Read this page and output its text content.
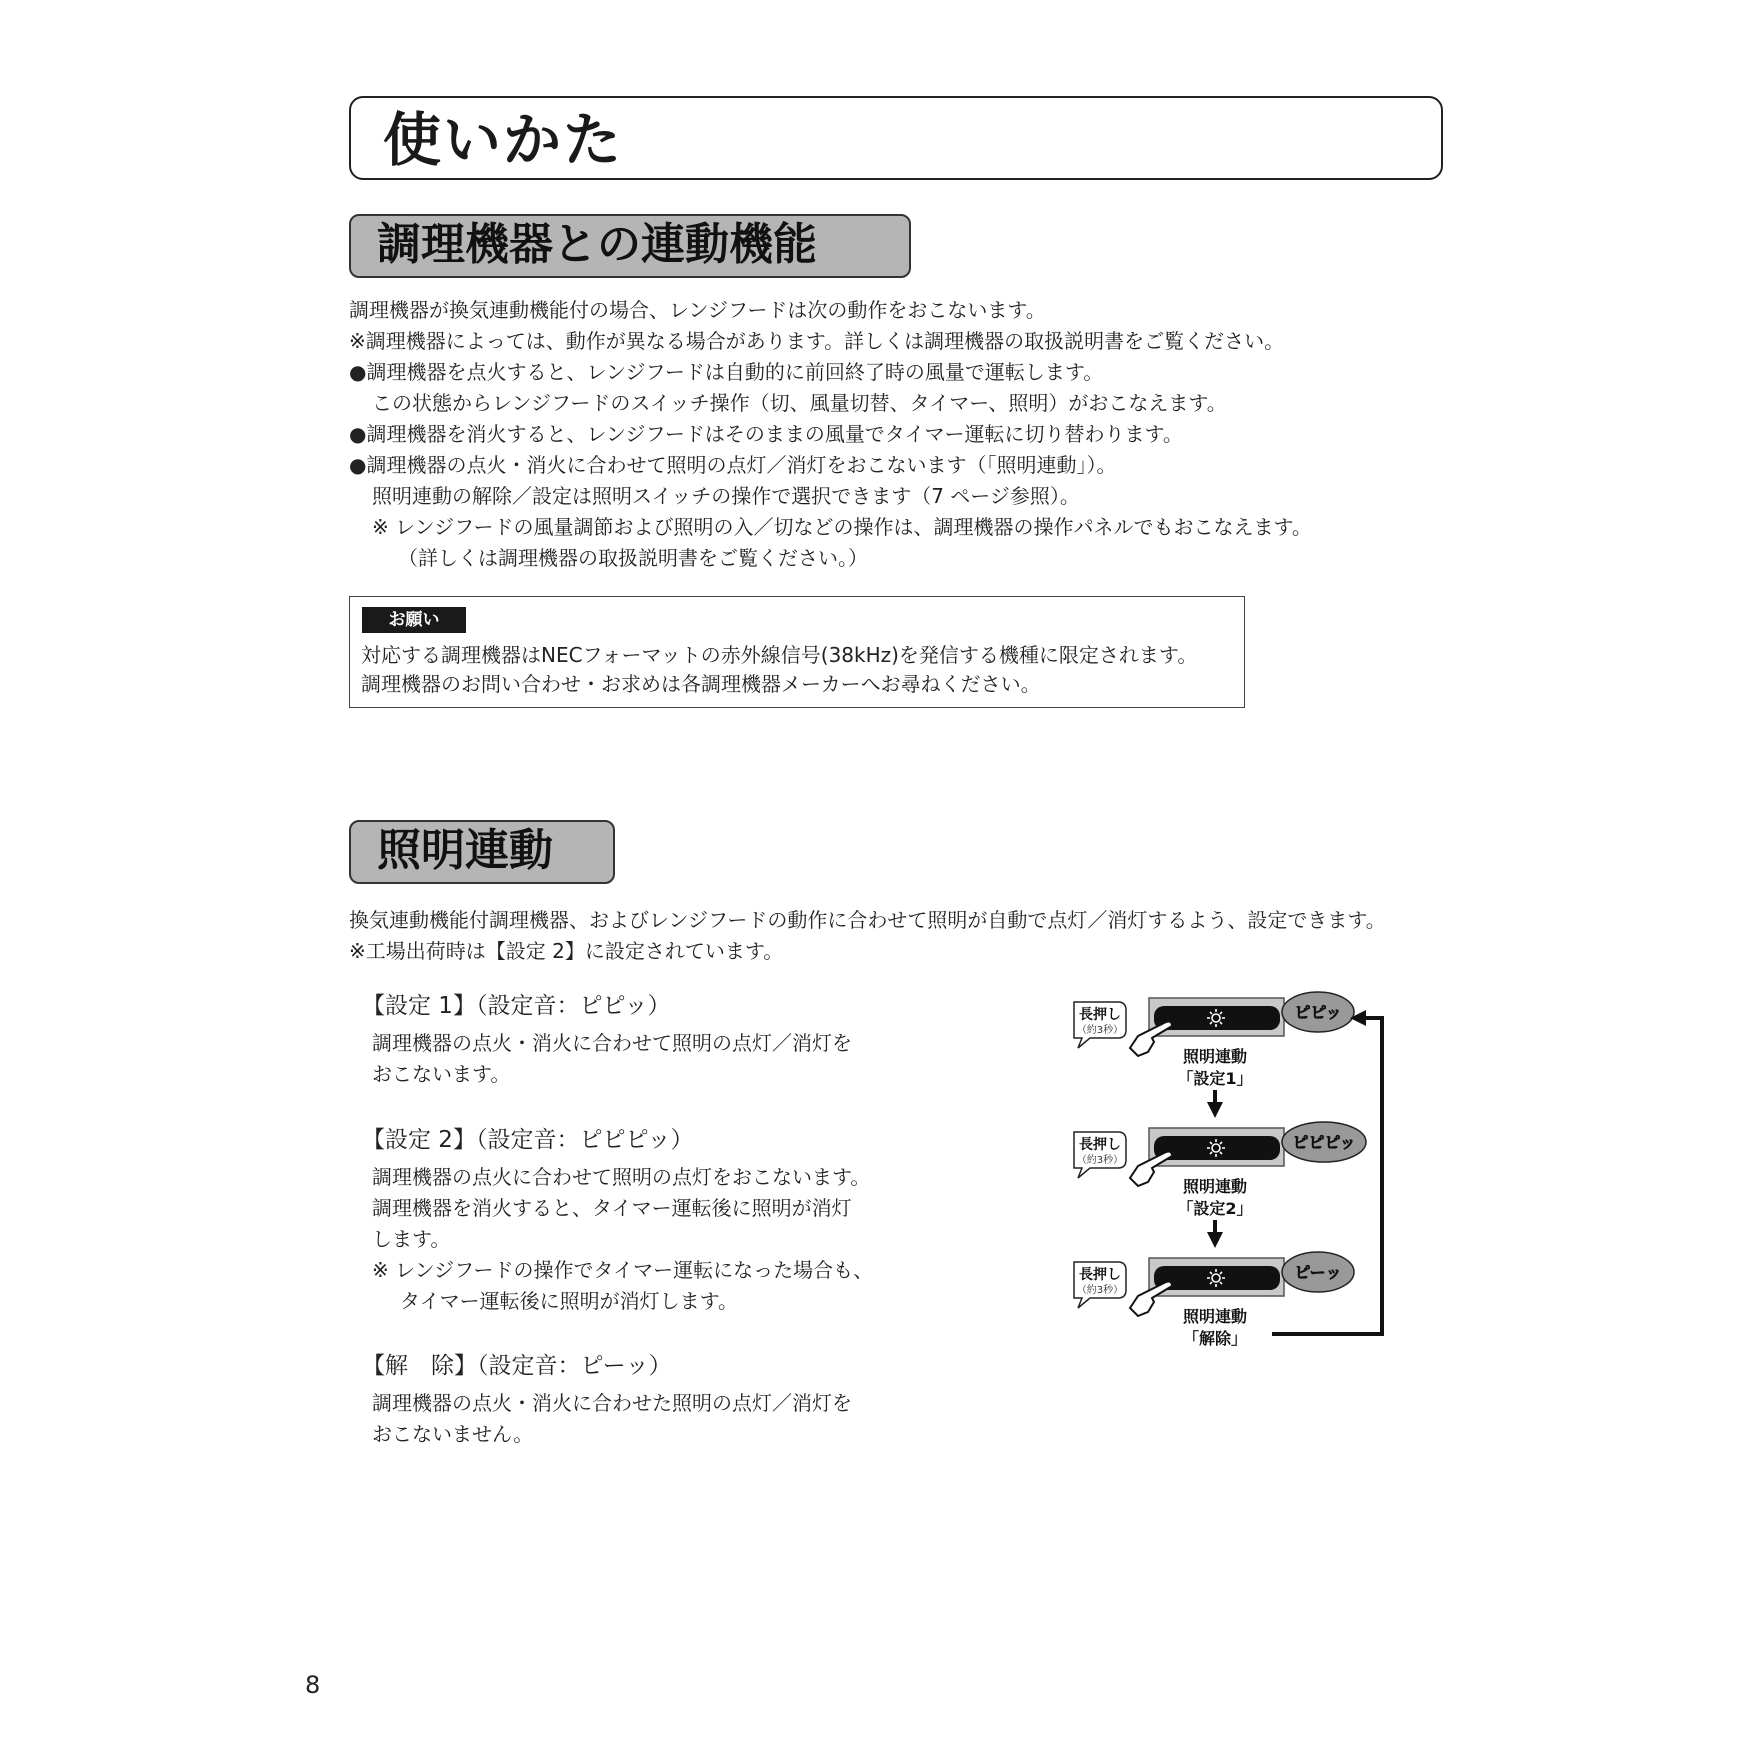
使いかた
調理機器との連動機能
調理機器が換気連動機能付の場合、レンジフードは次の動作をおこないます。
※調理機器によっては、動作が異なる場合があります。詳しくは調理機器の取扱説明書をご覧ください。
●調理機器を点火すると、レンジフードは自動的に前回終了時の風量で運転します。
この状態からレンジフードのスイッチ操作（切、風量切替、タイマー、照明）がおこなえます。
●調理機器を消火すると、レンジフードはそのままの風量でタイマー運転に切り替わります。
●調理機器の点火・消火に合わせて照明の点灯／消灯をおこないます（「照明連動」）。
照明連動の解除／設定は照明スイッチの操作で選択できます（7 ページ参照）。
※ レンジフードの風量調節および照明の入／切などの操作は、調理機器の操作パネルでもおこなえます。
（詳しくは調理機器の取扱説明書をご覧ください。）
お願い
対応する調理機器はNECフォーマットの赤外線信号(38kHz)を発信する機種に限定されます。
調理機器のお問い合わせ・お求めは各調理機器メーカーへお尋ねください。
照明連動
換気連動機能付調理機器、およびレンジフードの動作に合わせて照明が自動で点灯／消灯するよう、設定できます。
※工場出荷時は【設定 2】に設定されています。
【設定 1】（設定音：ピピッ）
調理機器の点火・消火に合わせて照明の点灯／消灯を
おこないます。
【設定 2】（設定音：ピピピッ）
調理機器の点火に合わせて照明の点灯をおこないます。
調理機器を消火すると、タイマー運転後に照明が消灯
します。
※ レンジフードの操作でタイマー運転になった場合も、
タイマー運転後に照明が消灯します。
【解　除】（設定音：ピーッ）
調理機器の点火・消火に合わせた照明の点灯／消灯を
おこないません。
長押し
（約3秒）
ピピッ
照明連動
「設定1」
長押し
（約3秒）
ピピピッ
照明連動
「設定2」
長押し
（約3秒）
ピーッ
照明連動
「解除」
8
